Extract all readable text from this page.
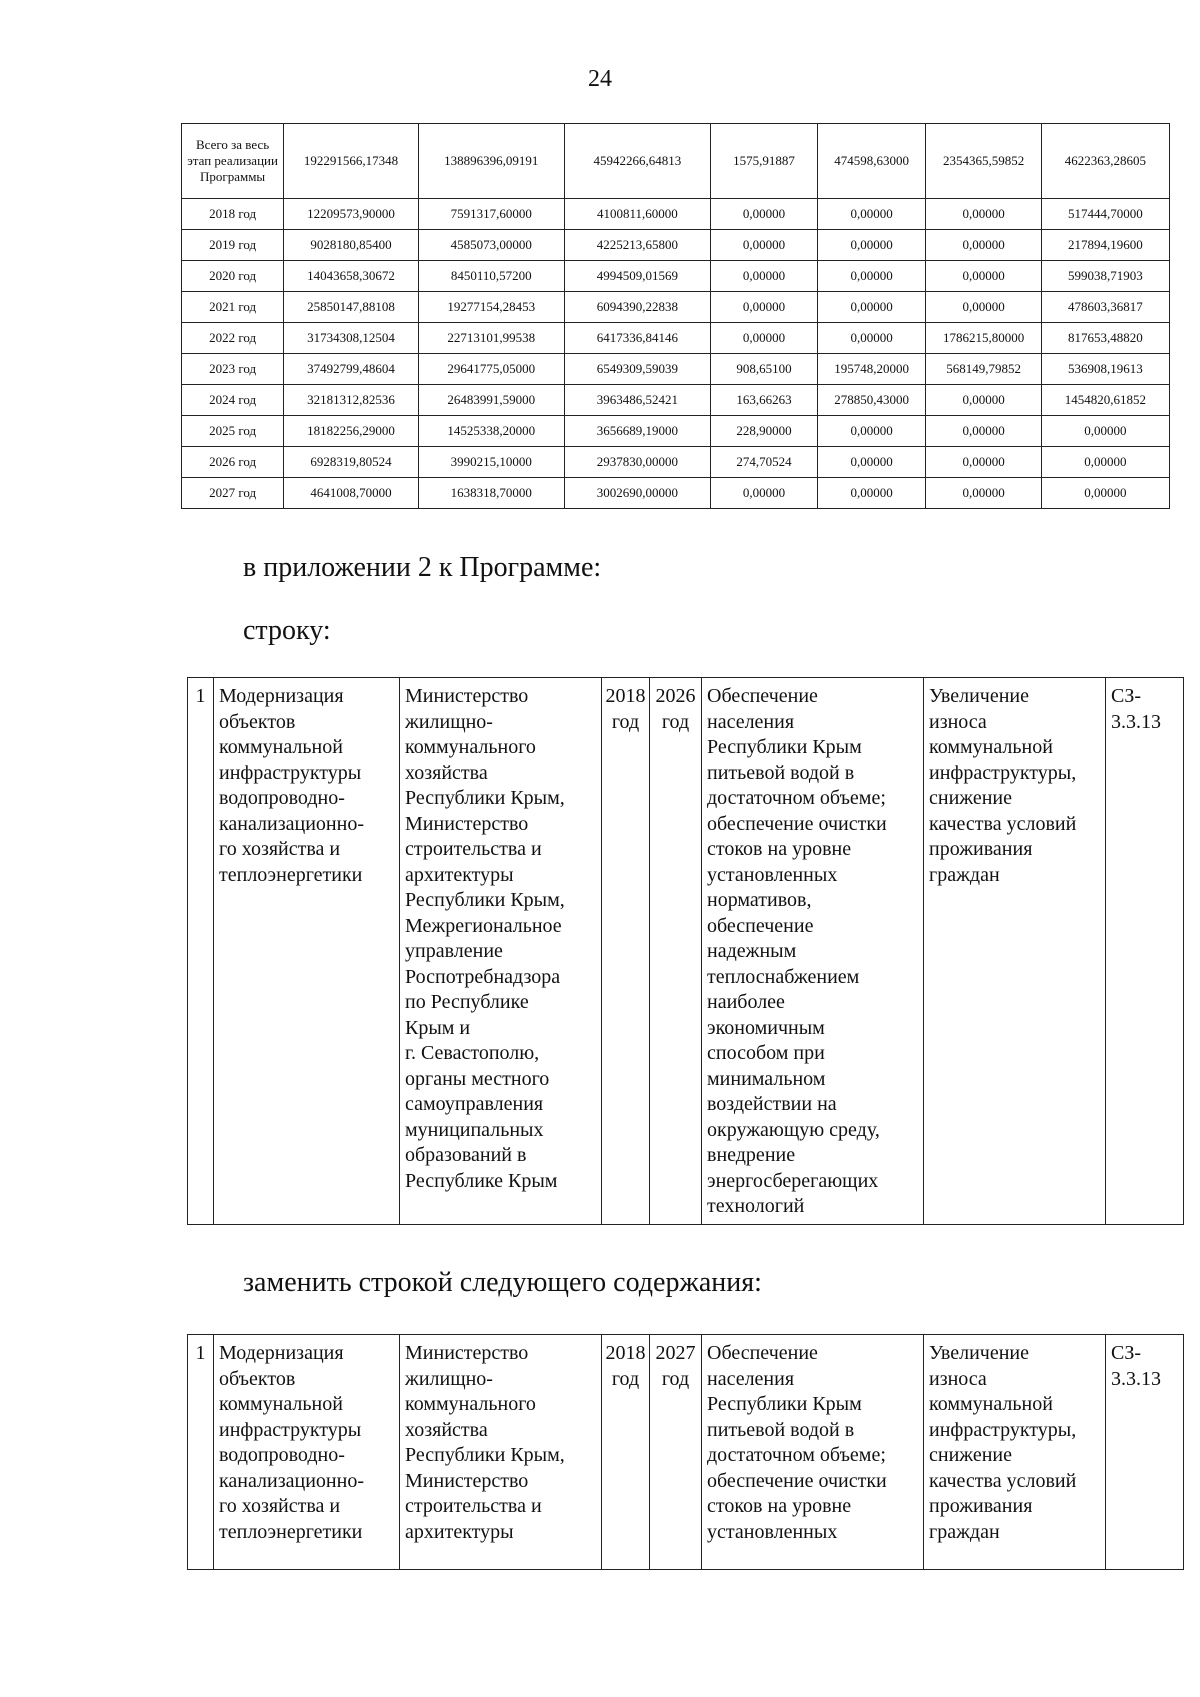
24
Всего за весь этап реализации Программы	192291566,17348	138896396,09191	45942266,64813	1575,91887	474598,63000	2354365,59852	4622363,28605
2018 год	12209573,90000	7591317,60000	4100811,60000	0,00000	0,00000	0,00000	517444,70000
2019 год	9028180,85400	4585073,00000	4225213,65800	0,00000	0,00000	0,00000	217894,19600
2020 год	14043658,30672	8450110,57200	4994509,01569	0,00000	0,00000	0,00000	599038,71903
2021 год	25850147,88108	19277154,28453	6094390,22838	0,00000	0,00000	0,00000	478603,36817
2022 год	31734308,12504	22713101,99538	6417336,84146	0,00000	0,00000	1786215,80000	817653,48820
2023 год	37492799,48604	29641775,05000	6549309,59039	908,65100	195748,20000	568149,79852	536908,19613
2024 год	32181312,82536	26483991,59000	3963486,52421	163,66263	278850,43000	0,00000	1454820,61852
2025 год	18182256,29000	14525338,20000	3656689,19000	228,90000	0,00000	0,00000	0,00000
2026 год	6928319,80524	3990215,10000	2937830,00000	274,70524	0,00000	0,00000	0,00000
2027 год	4641008,70000	1638318,70000	3002690,00000	0,00000	0,00000	0,00000	0,00000
в приложении 2 к Программе:
строку:
1	Модернизация
объектов
коммунальной
инфраструктуры
водопроводно-
канализационно-
го хозяйства и
теплоэнергетики	Министерство
жилищно-
коммунального
хозяйства
Республики Крым,
Министерство
строительства и
архитектуры
Республики Крым,
Межрегиональное
управление
Роспотребнадзора
по Республике
Крым и
г. Севастополю,
органы местного
самоуправления
муниципальных
образований в
Республике Крым	2018
год	2026
год	Обеспечение
населения
Республики Крым
питьевой водой в
достаточном объеме;
обеспечение очистки
стоков на уровне
установленных
нормативов,
обеспечение
надежным
теплоснабжением
наиболее
экономичным
способом при
минимальном
воздействии на
окружающую среду,
внедрение
энергосберегающих
технологий	Увеличение
износа
коммунальной
инфраструктуры,
снижение
качества условий
проживания
граждан	СЗ-
3.3.13
заменить строкой следующего содержания:
1	Модернизация
объектов
коммунальной
инфраструктуры
водопроводно-
канализационно-
го хозяйства и
теплоэнергетики	Министерство
жилищно-
коммунального
хозяйства
Республики Крым,
Министерство
строительства и
архитектуры	2018
год	2027
год	Обеспечение
населения
Республики Крым
питьевой водой в
достаточном объеме;
обеспечение очистки
стоков на уровне
установленных	Увеличение
износа
коммунальной
инфраструктуры,
снижение
качества условий
проживания
граждан	СЗ-
3.3.13
